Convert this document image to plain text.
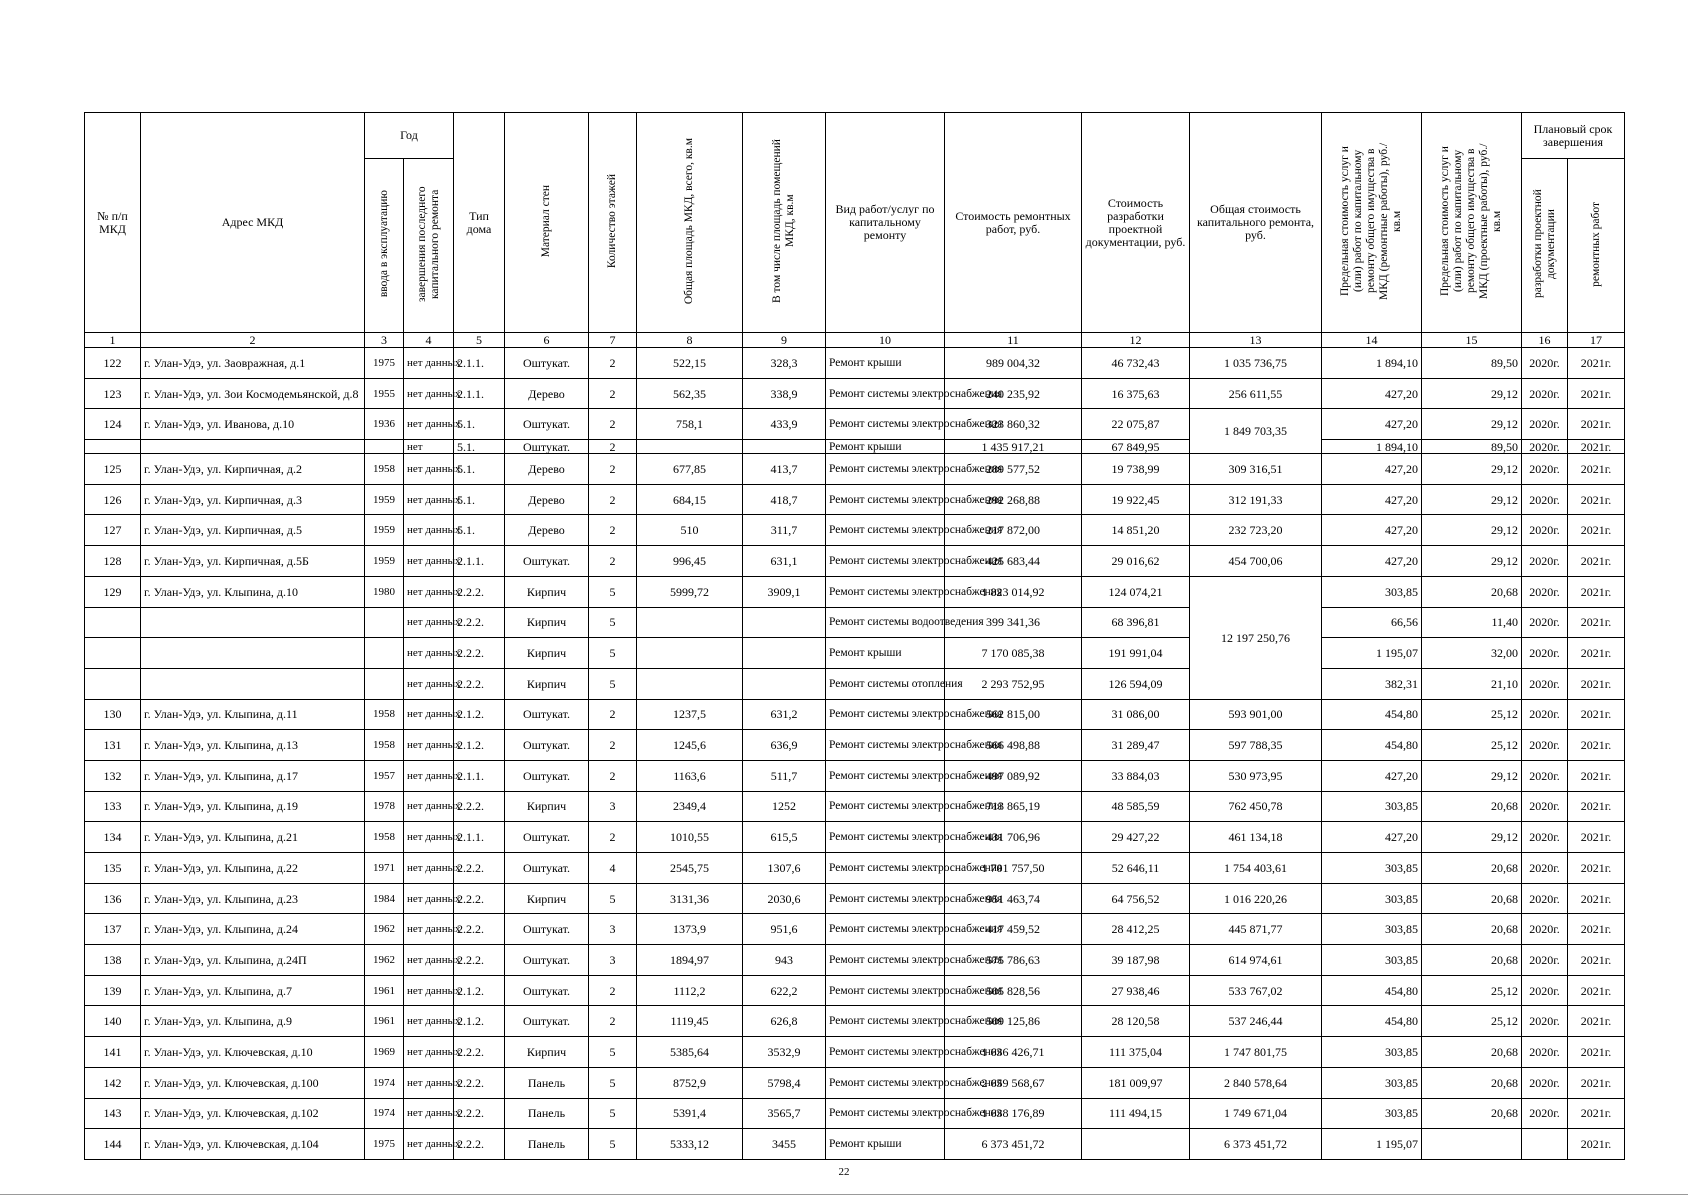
№ п/п МКД	Адрес МКД	Год		Тип дома	Материал стен	Количество этажей	Общая площадь МКД, всего, кв.м	В том числе площадь помещений МКД, кв.м	Вид работ/услуг по капитальному ремонту	Стоимость ремонтных работ, руб.	Стоимость разработки проектной документации, руб.	Общая стоимость капитального ремонта, руб.	Предельная стоимость услуг и (или) работ по капитальному ремонту общего имущества в МКД (ремонтные работы), руб./кв.м	Предельная стоимость услуг и (или) работ по капитальному ремонту общего имущества в МКД (проектные работы), руб./кв.м	Плановый срок завершения	
		ввода в эксплуатацию	завершения последнего капитального ремонта												разработки проектной документации	ремонтных работ
1	2	3	4	5	6	7	8	9	10	11	12	13	14	15	16	17
122	г. Улан-Удэ, ул. Заовражная, д.1	1975	нет данных	2.1.1.	Оштукат.	2	522,15	328,3	Ремонт крыши	989 004,32	46 732,43	1 035 736,75	1 894,10	89,50	2020г.	2021г.
123	г. Улан-Удэ, ул. Зои Космодемьянской, д.8	1955	нет данных	2.1.1.	Дерево	2	562,35	338,9	Ремонт системы электроснабжения	240 235,92	16 375,63	256 611,55	427,20	29,12	2020г.	2021г.
124	г. Улан-Удэ, ул. Иванова, д.10	1936	нет данных	5.1.	Оштукат.	2	758,1	433,9	Ремонт системы электроснабжения	323 860,32	22 075,87	1 849 703,35	427,20	29,12	2020г.	2021г.
			нет	5.1.	Оштукат.	2			Ремонт крыши	1 435 917,21	67 849,95		1 894,10	89,50	2020г.	2021г.
125	г. Улан-Удэ, ул. Кирпичная, д.2	1958	нет данных	5.1.	Дерево	2	677,85	413,7	Ремонт системы электроснабжения	289 577,52	19 738,99	309 316,51	427,20	29,12	2020г.	2021г.
126	г. Улан-Удэ, ул. Кирпичная, д.3	1959	нет данных	5.1.	Дерево	2	684,15	418,7	Ремонт системы электроснабжения	292 268,88	19 922,45	312 191,33	427,20	29,12	2020г.	2021г.
127	г. Улан-Удэ, ул. Кирпичная, д.5	1959	нет данных	5.1.	Дерево	2	510	311,7	Ремонт системы электроснабжения	217 872,00	14 851,20	232 723,20	427,20	29,12	2020г.	2021г.
128	г. Улан-Удэ, ул. Кирпичная, д.5Б	1959	нет данных	2.1.1.	Оштукат.	2	996,45	631,1	Ремонт системы электроснабжения	425 683,44	29 016,62	454 700,06	427,20	29,12	2020г.	2021г.
129	г. Улан-Удэ, ул. Клыпина, д.10	1980	нет данных	2.2.2.	Кирпич	5	5999,72	3909,1	Ремонт системы электроснабжения	1 823 014,92	124 074,21	12 197 250,76	303,85	20,68	2020г.	2021г.
			нет данных	2.2.2.	Кирпич	5			Ремонт системы водоотведения	399 341,36	68 396,81		66,56	11,40	2020г.	2021г.
			нет данных	2.2.2.	Кирпич	5			Ремонт крыши	7 170 085,38	191 991,04		1 195,07	32,00	2020г.	2021г.
			нет данных	2.2.2.	Кирпич	5			Ремонт системы отопления	2 293 752,95	126 594,09		382,31	21,10	2020г.	2021г.
130	г. Улан-Удэ, ул. Клыпина, д.11	1958	нет данных	2.1.2.	Оштукат.	2	1237,5	631,2	Ремонт системы электроснабжения	562 815,00	31 086,00	593 901,00	454,80	25,12	2020г.	2021г.
131	г. Улан-Удэ, ул. Клыпина, д.13	1958	нет данных	2.1.2.	Оштукат.	2	1245,6	636,9	Ремонт системы электроснабжения	566 498,88	31 289,47	597 788,35	454,80	25,12	2020г.	2021г.
132	г. Улан-Удэ, ул. Клыпина, д.17	1957	нет данных	2.1.1.	Оштукат.	2	1163,6	511,7	Ремонт системы электроснабжения	497 089,92	33 884,03	530 973,95	427,20	29,12	2020г.	2021г.
133	г. Улан-Удэ, ул. Клыпина, д.19	1978	нет данных	2.2.2.	Кирпич	3	2349,4	1252	Ремонт системы электроснабжения	713 865,19	48 585,59	762 450,78	303,85	20,68	2020г.	2021г.
134	г. Улан-Удэ, ул. Клыпина, д.21	1958	нет данных	2.1.1.	Оштукат.	2	1010,55	615,5	Ремонт системы электроснабжения	431 706,96	29 427,22	461 134,18	427,20	29,12	2020г.	2021г.
135	г. Улан-Удэ, ул. Клыпина, д.22	1971	нет данных	2.2.2.	Оштукат.	4	2545,75	1307,6	Ремонт системы электроснабжения	1 701 757,50	52 646,11	1 754 403,61	303,85	20,68	2020г.	2021г.
136	г. Улан-Удэ, ул. Клыпина, д.23	1984	нет данных	2.2.2.	Кирпич	5	3131,36	2030,6	Ремонт системы электроснабжения	951 463,74	64 756,52	1 016 220,26	303,85	20,68	2020г.	2021г.
137	г. Улан-Удэ, ул. Клыпина, д.24	1962	нет данных	2.2.2.	Оштукат.	3	1373,9	951,6	Ремонт системы электроснабжения	417 459,52	28 412,25	445 871,77	303,85	20,68	2020г.	2021г.
138	г. Улан-Удэ, ул. Клыпина, д.24П	1962	нет данных	2.2.2.	Оштукат.	3	1894,97	943	Ремонт системы электроснабжения	575 786,63	39 187,98	614 974,61	303,85	20,68	2020г.	2021г.
139	г. Улан-Удэ, ул. Клыпина, д.7	1961	нет данных	2.1.2.	Оштукат.	2	1112,2	622,2	Ремонт системы электроснабжения	505 828,56	27 938,46	533 767,02	454,80	25,12	2020г.	2021г.
140	г. Улан-Удэ, ул. Клыпина, д.9	1961	нет данных	2.1.2.	Оштукат.	2	1119,45	626,8	Ремонт системы электроснабжения	509 125,86	28 120,58	537 246,44	454,80	25,12	2020г.	2021г.
141	г. Улан-Удэ, ул. Ключевская, д.10	1969	нет данных	2.2.2.	Кирпич	5	5385,64	3532,9	Ремонт системы электроснабжения	1 636 426,71	111 375,04	1 747 801,75	303,85	20,68	2020г.	2021г.
142	г. Улан-Удэ, ул. Ключевская, д.100	1974	нет данных	2.2.2.	Панель	5	8752,9	5798,4	Ремонт системы электроснабжения	2 659 568,67	181 009,97	2 840 578,64	303,85	20,68	2020г.	2021г.
143	г. Улан-Удэ, ул. Ключевская, д.102	1974	нет данных	2.2.2.	Панель	5	5391,4	3565,7	Ремонт системы электроснабжения	1 638 176,89	111 494,15	1 749 671,04	303,85	20,68	2020г.	2021г.
144	г. Улан-Удэ, ул. Ключевская, д.104	1975	нет данных	2.2.2.	Панель	5	5333,12	3455	Ремонт крыши	6 373 451,72		6 373 451,72	1 195,07			2021г.
22
